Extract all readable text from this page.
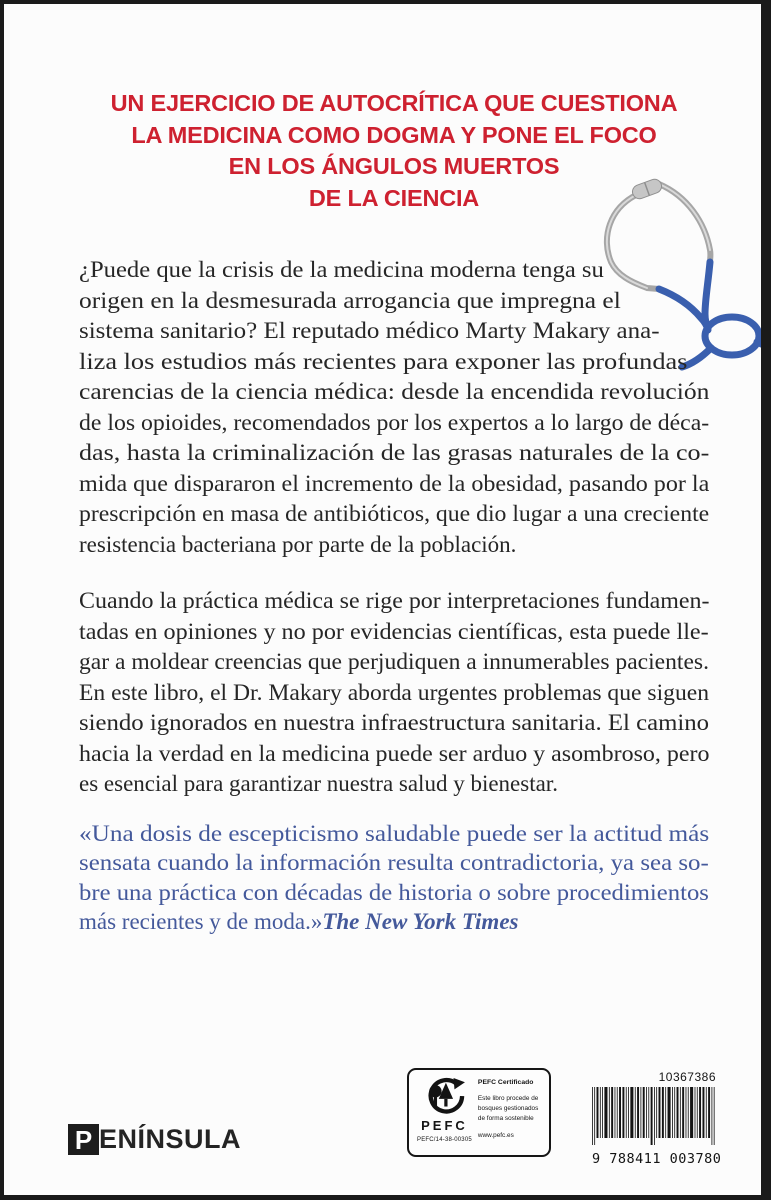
UN EJERCICIO DE AUTOCRÍTICA QUE CUESTIONA
LA MEDICINA COMO DOGMA Y PONE EL FOCO
EN LOS ÁNGULOS MUERTOS
DE LA CIENCIA
¿Puede que la crisis de la medicina moderna tenga su
origen en la desmesurada arrogancia que impregna el
sistema sanitario? El reputado médico Marty Makary ana-
liza los estudios más recientes para exponer las profundas
carencias de la ciencia médica: desde la encendida revolución
de los opioides, recomendados por los expertos a lo largo de déca-
das, hasta la criminalización de las grasas naturales de la co-
mida que dispararon el incremento de la obesidad, pasando por la
prescripción en masa de antibióticos, que dio lugar a una creciente
resistencia bacteriana por parte de la población.
Cuando la práctica médica se rige por interpretaciones fundamen-
tadas en opiniones y no por evidencias científicas, esta puede lle-
gar a moldear creencias que perjudiquen a innumerables pacientes.
En este libro, el Dr. Makary aborda urgentes problemas que siguen
siendo ignorados en nuestra infraestructura sanitaria. El camino
hacia la verdad en la medicina puede ser arduo y asombroso, pero
es esencial para garantizar nuestra salud y bienestar.
«Una dosis de escepticismo saludable puede ser la actitud más
sensata cuando la información resulta contradictoria, ya sea so-
bre una práctica con décadas de historia o sobre procedimientos
más recientes y de moda.»The New York Times
P ENÍNSULA	PEFC
PEFC/14-38-00305
PEFC Certificado
Este libro procede de bosques gestionados de forma sostenible
www.pefc.es
10367386
9 788411 003780
